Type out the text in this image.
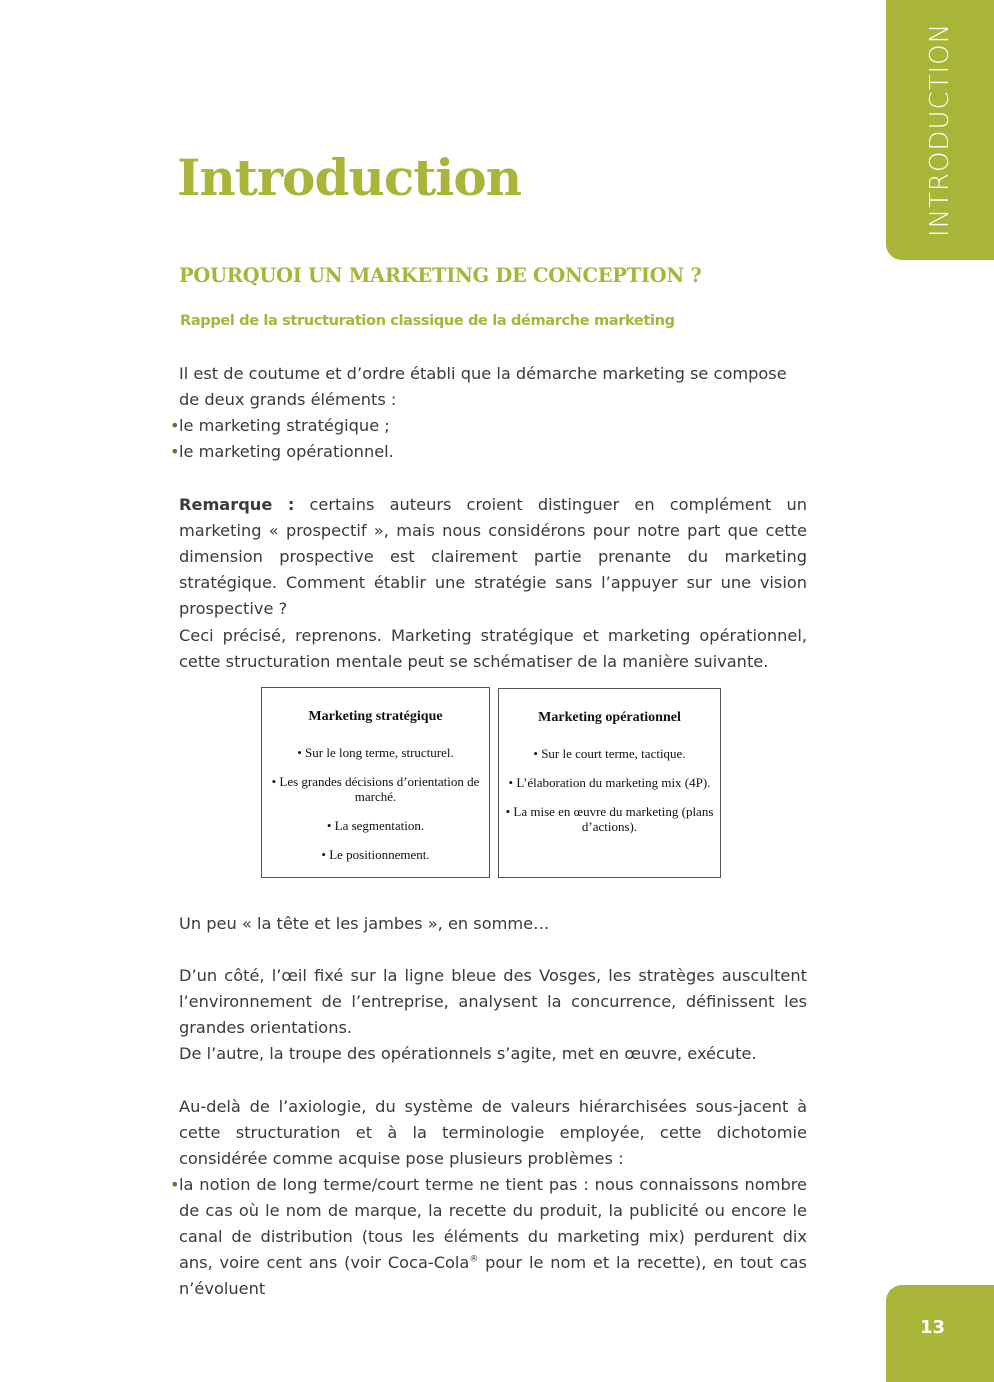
INTRODUCTION
Introduction
POURQUOI UN MARKETING DE CONCEPTION ?
Rappel de la structuration classique de la démarche marketing

Il est de coutume et d’ordre établi que la démarche marketing se compose de deux grands éléments :

• le marketing stratégique ;

• le marketing opérationnel.

Remarque : certains auteurs croient distinguer en complément un marketing « prospectif », mais nous considérons pour notre part que cette dimension prospective est clairement partie prenante du marketing stratégique. Comment établir une stratégie sans l’appuyer sur une vision prospective ?

Ceci précisé, reprenons. Marketing stratégique et marketing opérationnel, cette structuration mentale peut se schématiser de la manière suivante.

Marketing stratégique
• Sur le long terme, structurel.
• Les grandes décisions d’orientation de marché.
• La segmentation.
• Le positionnement.
Marketing opérationnel
• Sur le court terme, tactique.
• L’élaboration du marketing mix (4P).
• La mise en œuvre du marketing (plans d’actions).

Un peu « la tête et les jambes », en somme…

D’un côté, l’œil fixé sur la ligne bleue des Vosges, les stratèges auscultent l’environnement de l’entreprise, analysent la concurrence, définissent les grandes orientations.

De l’autre, la troupe des opérationnels s’agite, met en œuvre, exécute.

Au-delà de l’axiologie, du système de valeurs hiérarchisées sous-jacent à cette structuration et à la terminologie employée, cette dichotomie considérée comme acquise pose plusieurs problèmes :

• la notion de long terme/court terme ne tient pas : nous connaissons nombre de cas où le nom de marque, la recette du produit, la publicité ou encore le canal de distribution (tous les éléments du marketing mix) perdurent dix ans, voire cent ans (voir Coca-Cola® pour le nom et la recette), en tout cas n’évoluent

13
